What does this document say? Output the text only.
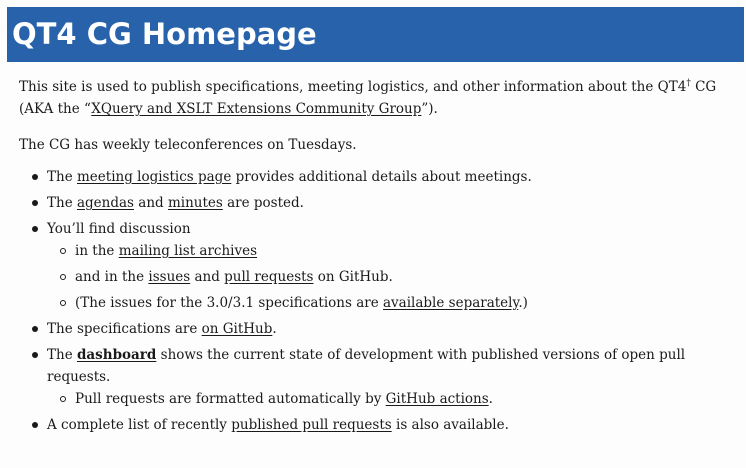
QT4 CG Homepage

This site is used to publish specifications, meeting logistics, and other information about the QT4† CG (AKA the “XQuery and XSLT Extensions Community Group”).

The CG has weekly teleconferences on Tuesdays.

The meeting logistics page provides additional details about meetings.
The agendas and minutes are posted.
You’ll find discussion
in the mailing list archives
and in the issues and pull requests on GitHub.
(The issues for the 3.0/3.1 specifications are available separately.)
The specifications are on GitHub.
The dashboard shows the current state of development with published versions of open pull requests.
Pull requests are formatted automatically by GitHub actions.
A complete list of recently published pull requests is also available.
